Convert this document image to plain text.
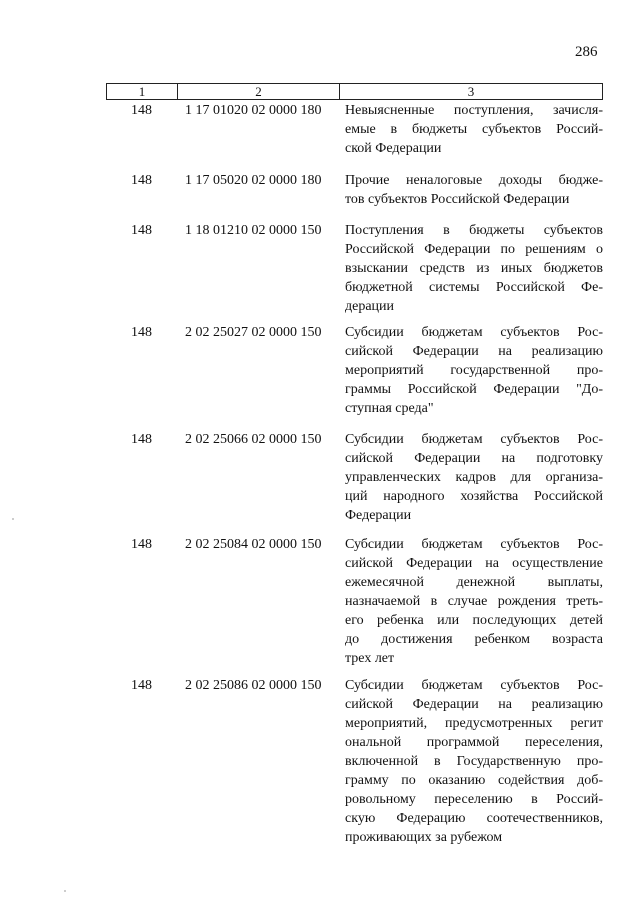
286
1	2	3
148	1 17 01020 02 0000 180	Невыясненные поступления, зачисля-
емые в бюджеты субъектов Россий-
ской Федерации
148	1 17 05020 02 0000 180	Прочие неналоговые доходы бюдже-
тов субъектов Российской Федерации
148	1 18 01210 02 0000 150	Поступления в бюджеты субъектов
Российской Федерации по решениям о
взыскании средств из иных бюджетов
бюджетной системы Российской Фе-
дерации
148	2 02 25027 02 0000 150	Субсидии бюджетам субъектов Рос-
сийской Федерации на реализацию
мероприятий государственной про-
граммы Российской Федерации "До-
ступная среда"
148	2 02 25066 02 0000 150	Субсидии бюджетам субъектов Рос-
сийской Федерации на подготовку
управленческих кадров для организа-
ций народного хозяйства Российской
Федерации
148	2 02 25084 02 0000 150	Субсидии бюджетам субъектов Рос-
сийской Федерации на осуществление
ежемесячной денежной выплаты,
назначаемой в случае рождения треть-
его ребенка или последующих детей
до достижения ребенком возраста
трех лет
148	2 02 25086 02 0000 150	Субсидии бюджетам субъектов Рос-
сийской Федерации на реализацию
мероприятий, предусмотренных регит
ональной программой переселения,
включенной в Государственную про-
грамму по оказанию содействия доб-
ровольному переселению в Россий-
скую Федерацию соотечественников,
проживающих за рубежом
